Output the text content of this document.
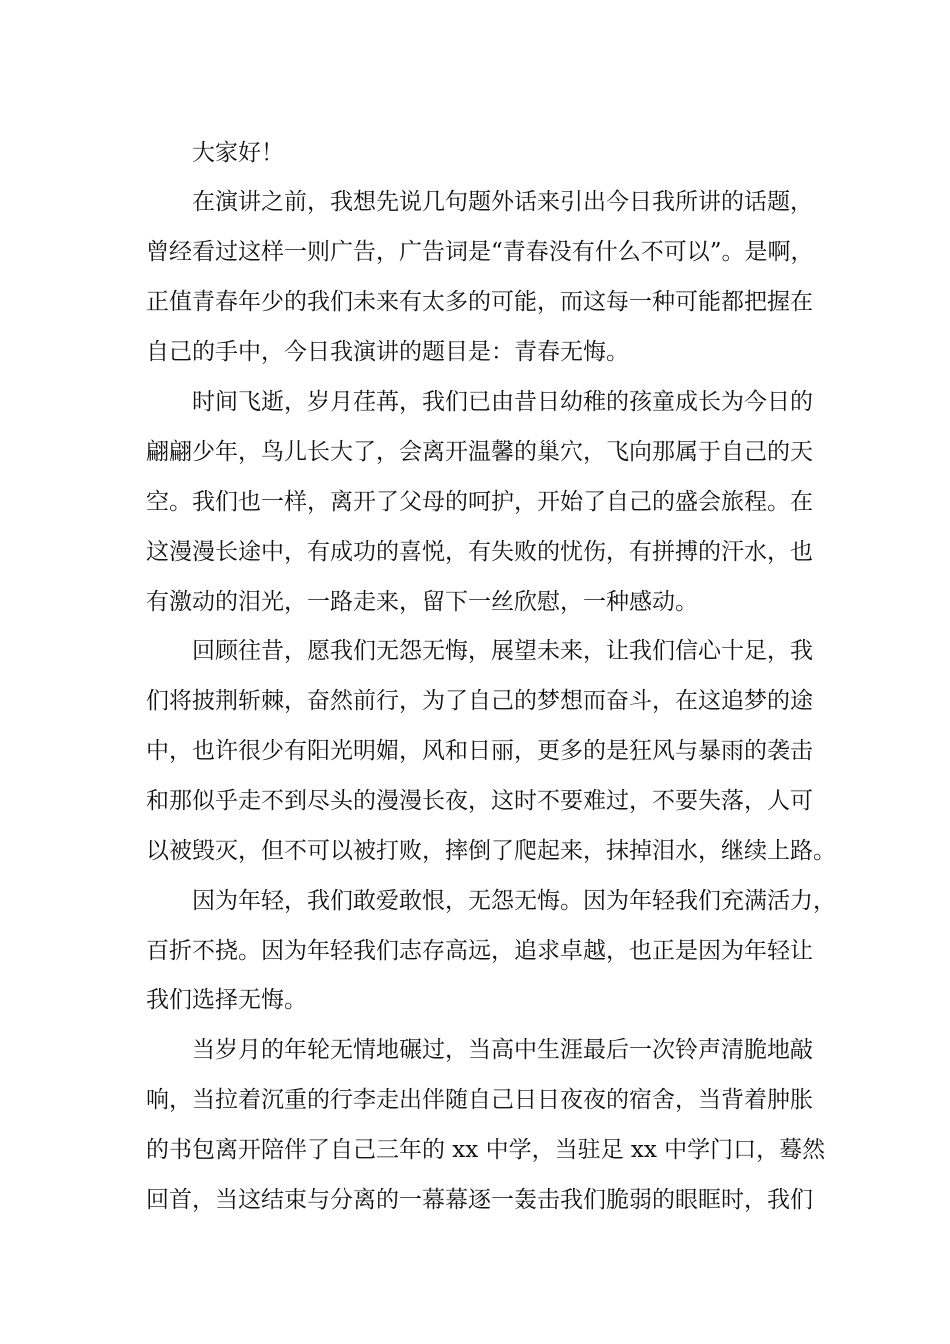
大家好！
在演讲之前，我想先说几句题外话来引出今日我所讲的话题，
曾经看过这样一则广告，广告词是“青春没有什么不可以”。是啊，
正值青春年少的我们未来有太多的可能，而这每一种可能都把握在
自己的手中，今日我演讲的题目是：青春无悔。
时间飞逝，岁月荏苒，我们已由昔日幼稚的孩童成长为今日的
翩翩少年，鸟儿长大了，会离开温馨的巢穴，飞向那属于自己的天
空。我们也一样，离开了父母的呵护，开始了自己的盛会旅程。在
这漫漫长途中，有成功的喜悦，有失败的忧伤，有拼搏的汗水，也
有激动的泪光，一路走来，留下一丝欣慰，一种感动。
回顾往昔，愿我们无怨无悔，展望未来，让我们信心十足，我
们将披荆斩棘，奋然前行，为了自己的梦想而奋斗，在这追梦的途
中，也许很少有阳光明媚，风和日丽，更多的是狂风与暴雨的袭击
和那似乎走不到尽头的漫漫长夜，这时不要难过，不要失落，人可
以被毁灭，但不可以被打败，摔倒了爬起来，抹掉泪水，继续上路。
因为年轻，我们敢爱敢恨，无怨无悔。因为年轻我们充满活力，
百折不挠。因为年轻我们志存高远，追求卓越，也正是因为年轻让
我们选择无悔。
当岁月的年轮无情地碾过，当高中生涯最后一次铃声清脆地敲
响，当拉着沉重的行李走出伴随自己日日夜夜的宿舍，当背着肿胀
的书包离开陪伴了自己三年的 xx 中学，当驻足 xx 中学门口，蓦然
回首，当这结束与分离的一幕幕逐一轰击我们脆弱的眼眶时，我们
